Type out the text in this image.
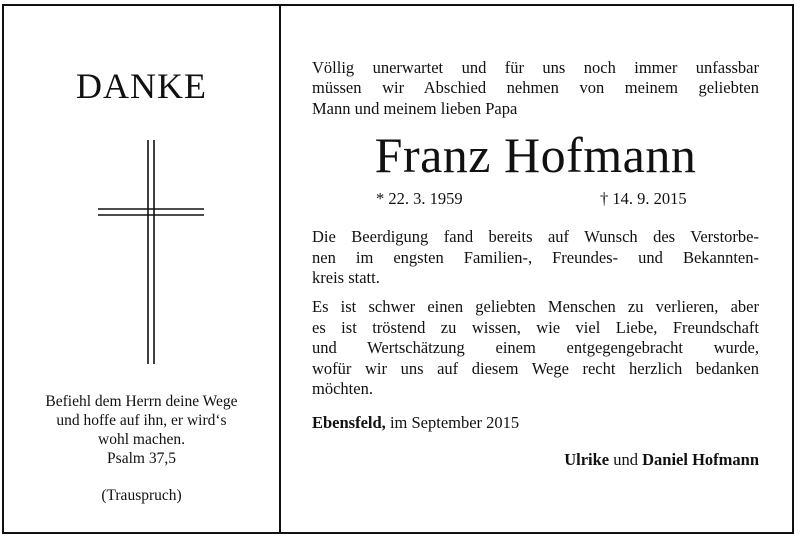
DANKE
Befiehl dem Herrn deine Wege
und hoffe auf ihn, er wird‘s
wohl machen.
Psalm 37,5
(Trauspruch)
Völlig unerwartet und für uns noch immer unfassbar
müssen wir Abschied nehmen von meinem geliebten
Mann und meinem lieben Papa
Franz Hofmann
* 22. 3. 1959	† 14. 9. 2015
Die Beerdigung fand bereits auf Wunsch des Verstorbe-
nen im engsten Familien-, Freundes- und Bekannten-
kreis statt.
Es ist schwer einen geliebten Menschen zu verlieren, aber
es ist tröstend zu wissen, wie viel Liebe, Freundschaft
und Wertschätzung einem entgegengebracht wurde,
wofür wir uns auf diesem Wege recht herzlich bedanken
möchten.
Ebensfeld, im September 2015
Ulrike und Daniel Hofmann
